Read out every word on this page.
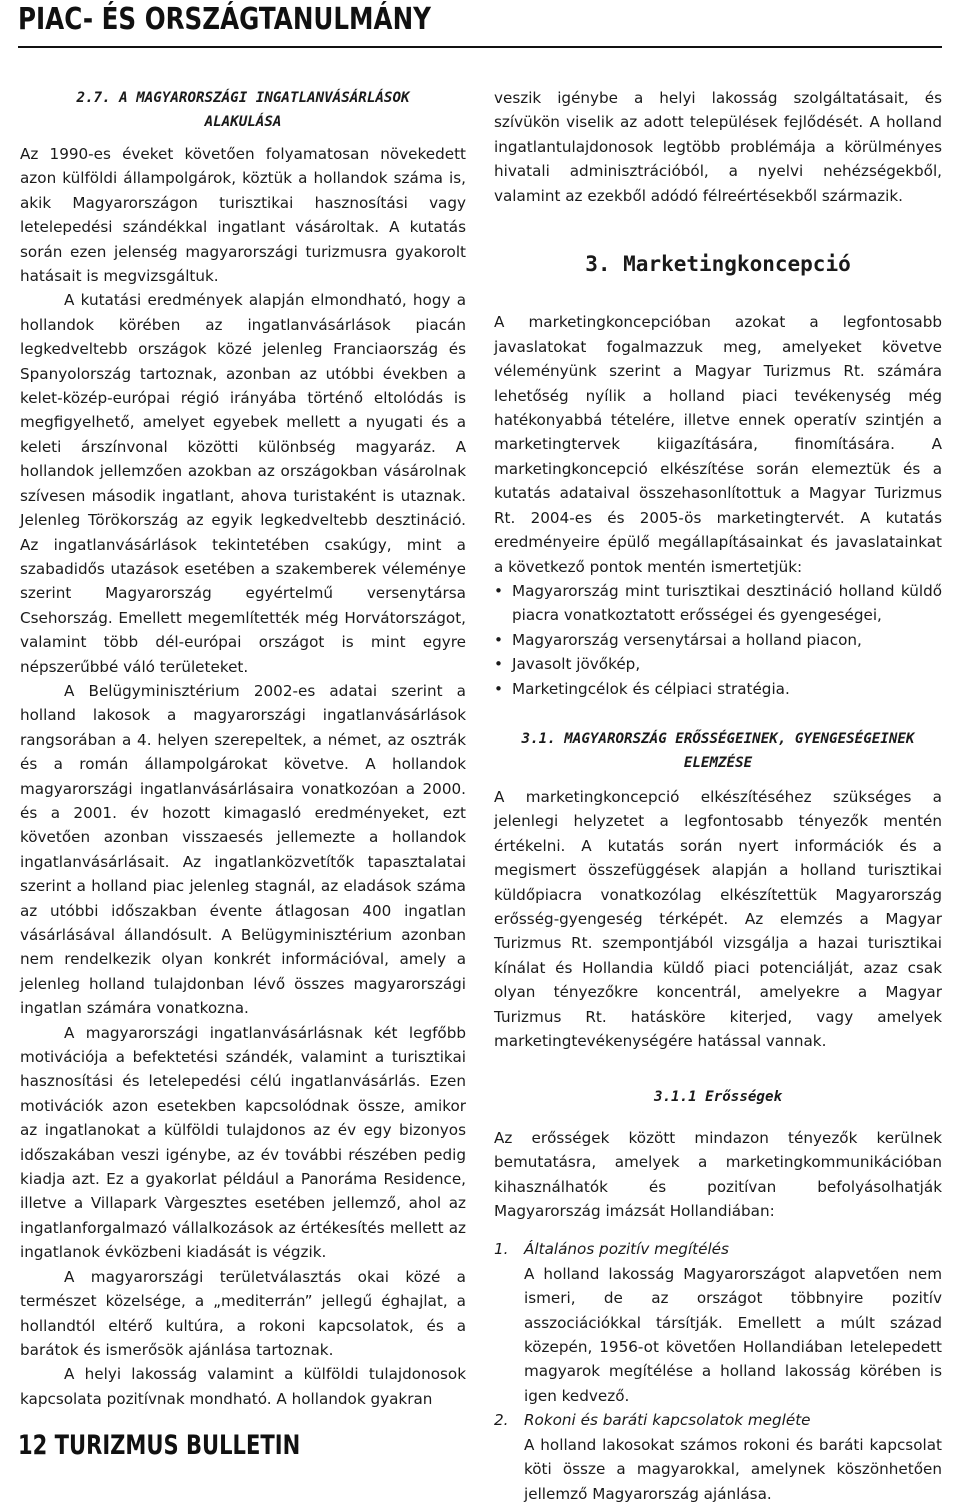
PIAC- ÉS ORSZÁGTANULMÁNY

2.7. A MAGYARORSZÁGI INGATLANVÁSÁRLÁSOK

ALAKULÁSA

Az 1990-es éveket követően folyamatosan növekedett azon külföldi állampolgárok, köztük a hollandok száma is, akik Magyarországon turisztikai hasznosítási vagy letelepedési szándékkal ingatlant vásároltak. A kutatás során ezen jelenség magyarországi turizmusra gyakorolt hatásait is megvizsgáltuk.

A kutatási eredmények alapján elmondható, hogy a hollandok körében az ingatlanvásárlások piacán legkedveltebb országok közé jelenleg Franciaország és Spanyolország tartoznak, azonban az utóbbi években a kelet-közép-európai régió irányába történő eltolódás is megfigyelhető, amelyet egyebek mellett a nyugati és a keleti árszínvonal közötti különbség magyaráz. A hollandok jellemzően azokban az országokban vásárolnak szívesen második ingatlant, ahova turistaként is utaznak. Jelenleg Törökország az egyik legkedveltebb desztináció. Az ingatlanvásárlások tekintetében csakúgy, mint a szabadidős utazások esetében a szakemberek véleménye szerint Magyarország egyértelmű versenytársa Csehország. Emellett megemlítették még Horvátországot, valamint több dél-európai országot is mint egyre népszerűbbé váló területeket.

A Belügyminisztérium 2002-es adatai szerint a holland lakosok a magyarországi ingatlanvásárlások rangsorában a 4. helyen szerepeltek, a német, az osztrák és a román állampolgárokat követve. A hollandok magyarországi ingatlanvásárlásaira vonatkozóan a 2000. és a 2001. év hozott kimagasló eredményeket, ezt követően azonban visszaesés jellemezte a hollandok ingatlanvásárlásait. Az ingatlanközvetítők tapasztalatai szerint a holland piac jelenleg stagnál, az eladások száma az utóbbi időszakban évente átlagosan 400 ingatlan vásárlásával állandósult. A Belügyminisztérium azonban nem rendelkezik olyan konkrét információval, amely a jelenleg holland tulajdonban lévő összes magyarországi ingatlan számára vonatkozna.

A magyarországi ingatlanvásárlásnak két legfőbb motivációja a befektetési szándék, valamint a turisztikai hasznosítási és letelepedési célú ingatlanvásárlás. Ezen motivációk azon esetekben kapcsolódnak össze, amikor az ingatlanokat a külföldi tulajdonos az év egy bizonyos időszakában veszi igénybe, az év további részében pedig kiadja azt. Ez a gyakorlat például a Panoráma Residence, illetve a Villapark Vàrgesztes esetében jellemző, ahol az ingatlanforgalmazó vállalkozások az értékesítés mellett az ingatlanok évközbeni kiadását is végzik.

A magyarországi területválasztás okai közé a természet közelsége, a „mediterrán” jellegű éghajlat, a hollandtól eltérő kultúra, a rokoni kapcsolatok, és a barátok és ismerősök ajánlása tartoznak.

A helyi lakosság valamint a külföldi tulajdonosok kapcsolata pozitívnak mondható. A hollandok gyakran

veszik igénybe a helyi lakosság szolgáltatásait, és szívükön viselik az adott települések fejlődését. A holland ingatlantulajdonosok legtöbb problémája a körülményes hivatali adminisztrációból, a nyelvi nehézségekből, valamint az ezekből adódó félreértésekből származik.

3. Marketingkoncepció

A marketingkoncepcióban azokat a legfontosabb javaslatokat fogalmazzuk meg, amelyeket követve véleményünk szerint a Magyar Turizmus Rt. számára lehetőség nyílik a holland piaci tevékenység még hatékonyabbá tételére, illetve ennek operatív szintjén a marketingtervek kiigazítására, finomítására. A marketingkoncepció elkészítése során elemeztük és a kutatás adataival összehasonlítottuk a Magyar Turizmus Rt. 2004-es és 2005-ös marketingtervét. A kutatás eredményeire épülő megállapításainkat és javaslatainkat a következő pontok mentén ismertetjük:

• Magyarország mint turisztikai desztináció holland küldő piacra vonatkoztatott erősségei és gyengeségei,
• Magyarország versenytársai a holland piacon,
• Javasolt jövőkép,
• Marketingcélok és célpiaci stratégia.

3.1. MAGYARORSZÁG ERŐSSÉGEINEK, GYENGESÉGEINEK

ELEMZÉSE

A marketingkoncepció elkészítéséhez szükséges a jelenlegi helyzetet a legfontosabb tényezők mentén értékelni. A kutatás során nyert információk és a megismert összefüggések alapján a holland turisztikai küldőpiacra vonatkozólag elkészítettük Magyarország erősség-gyengeség térképét. Az elemzés a Magyar Turizmus Rt. szempontjából vizsgálja a hazai turisztikai kínálat és Hollandia küldő piaci potenciálját, azaz csak olyan tényezőkre koncentrál, amelyekre a Magyar Turizmus Rt. hatásköre kiterjed, vagy amelyek marketingtevékenységére hatással vannak.

3.1.1 Erősségek

Az erősségek között mindazon tényezők kerülnek bemutatásra, amelyek a marketingkommunikációban kihasználhatók és pozitívan befolyásolhatják Magyarország imázsát Hollandiában:

1. Általános pozitív megítélés
A holland lakosság Magyarországot alapvetően nem ismeri, de az országot többnyire pozitív asszociációkkal társítják. Emellett a múlt század közepén, 1956-ot követően Hollandiában letelepedett magyarok megítélése a holland lakosság körében is igen kedvező.
2. Rokoni és baráti kapcsolatok megléte
A holland lakosokat számos rokoni és baráti kapcsolat köti össze a magyarokkal, amelynek köszönhetően jellemző Magyarország ajánlása.
12 TURIZMUS BULLETIN
